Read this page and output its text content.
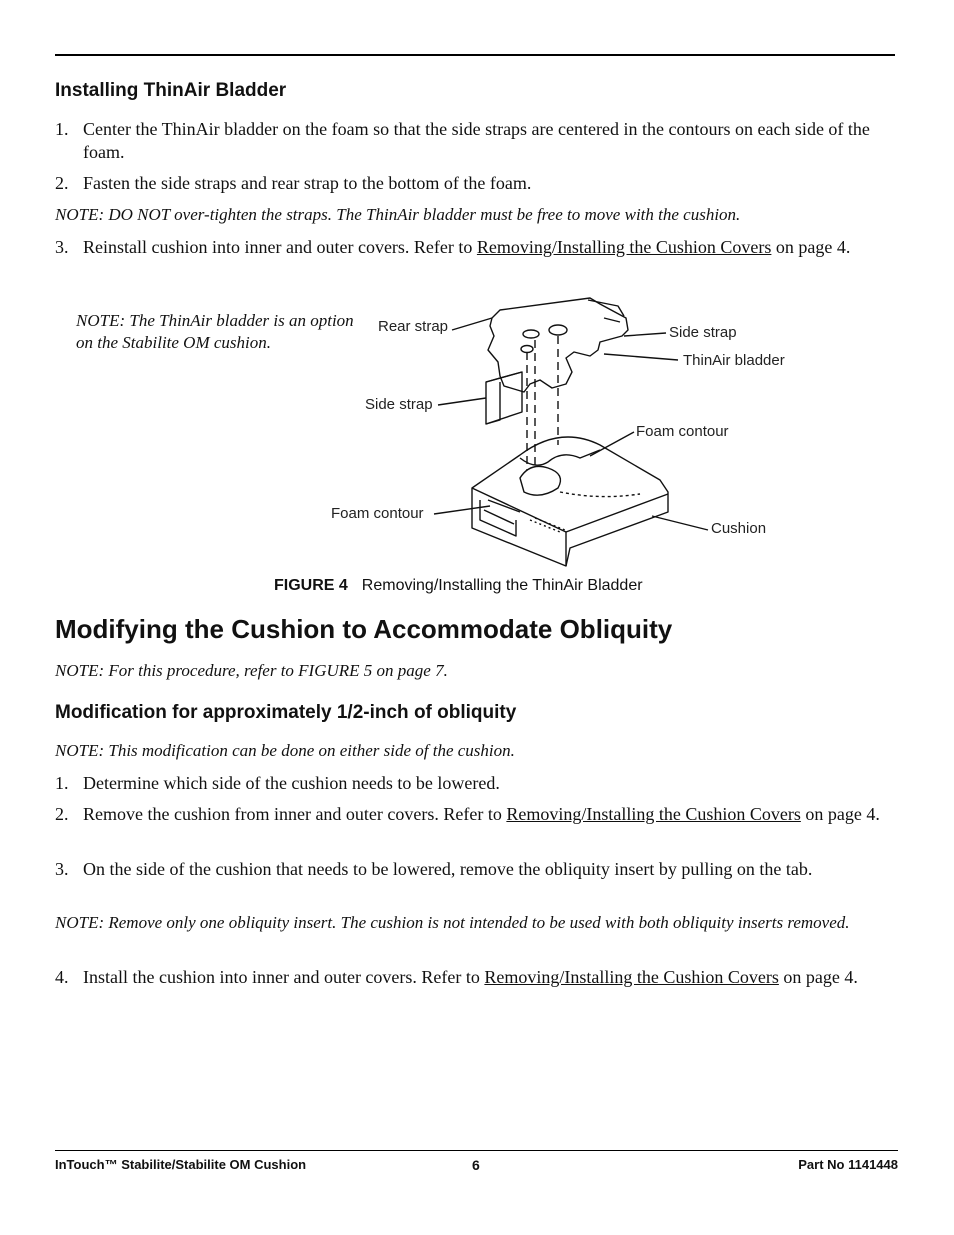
Installing ThinAir Bladder
1. Center the ThinAir bladder on the foam so that the side straps are centered in the contours on each side of the foam.
2. Fasten the side straps and rear strap to the bottom of the foam.
NOTE: DO NOT over-tighten the straps. The ThinAir bladder must be free to move with the cushion.
3. Reinstall cushion into inner and outer covers. Refer to Removing/Installing the Cushion Covers on page 4.
NOTE: The ThinAir bladder is an option on the Stabilite OM cushion.
Rear strap	Side strap
ThinAir bladder
Side strap
Foam contour
Foam contour
Cushion
FIGURE 4 Removing/Installing the ThinAir Bladder
Modifying the Cushion to Accommodate Obliquity
NOTE: For this procedure, refer to FIGURE 5 on page 7.
Modification for approximately 1/2-inch of obliquity
NOTE: This modification can be done on either side of the cushion.
1. Determine which side of the cushion needs to be lowered.
2. Remove the cushion from inner and outer covers. Refer to Removing/Installing the Cushion Covers on page 4.
3. On the side of the cushion that needs to be lowered, remove the obliquity insert by pulling on the tab.
NOTE: Remove only one obliquity insert. The cushion is not intended to be used with both obliquity inserts removed.
4. Install the cushion into inner and outer covers. Refer to Removing/Installing the Cushion Covers on page 4.
InTouch™ Stabilite/Stabilite OM Cushion	6	Part No 1141448
